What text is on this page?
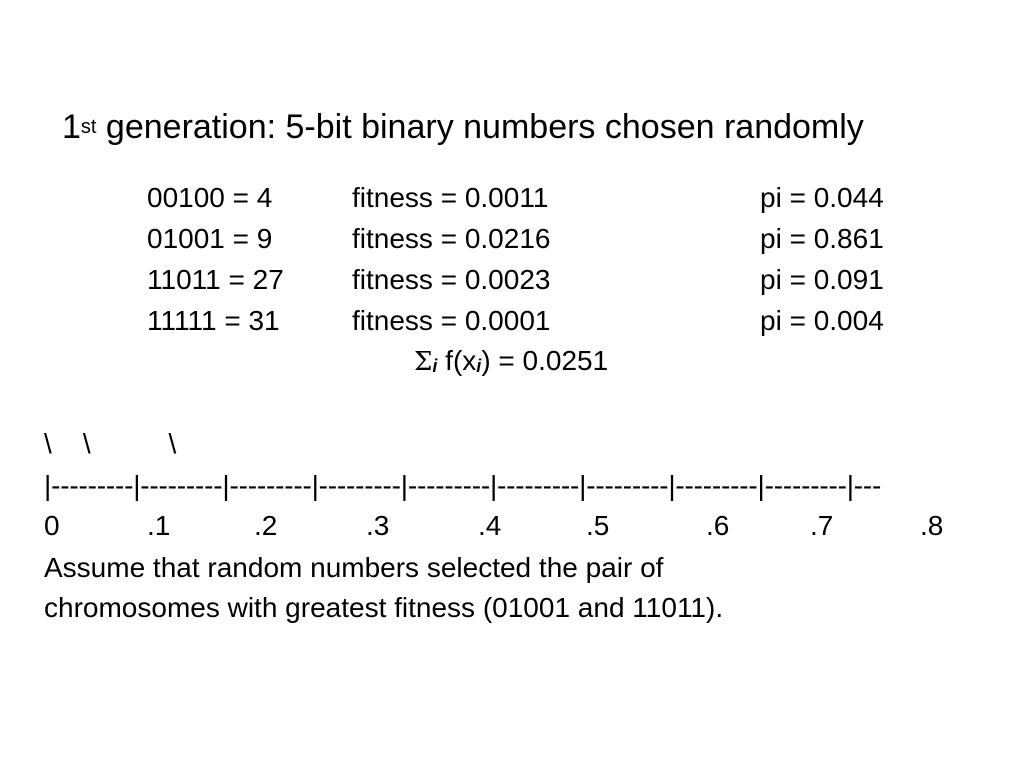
1st generation: 5-bit binary numbers chosen randomly
00100 = 4	fitness = 0.0011	pi = 0.044
01001 = 9	fitness = 0.0216	pi = 0.861
11011 = 27 fitness = 0.0023	pi = 0.091
11111 = 31	fitness = 0.0001	pi = 0.004
$\Sigma_i$ $f(x_i) = 0.0251$
\    \          \
|---------|---------|---------|---------|---------|---------|---------|---------|---------|---
0	.1	.2	.3	.4	.5	.6	.7	.8
Assume that random numbers selected the pair of
chromosomes with greatest fitness (01001 and 11011).
